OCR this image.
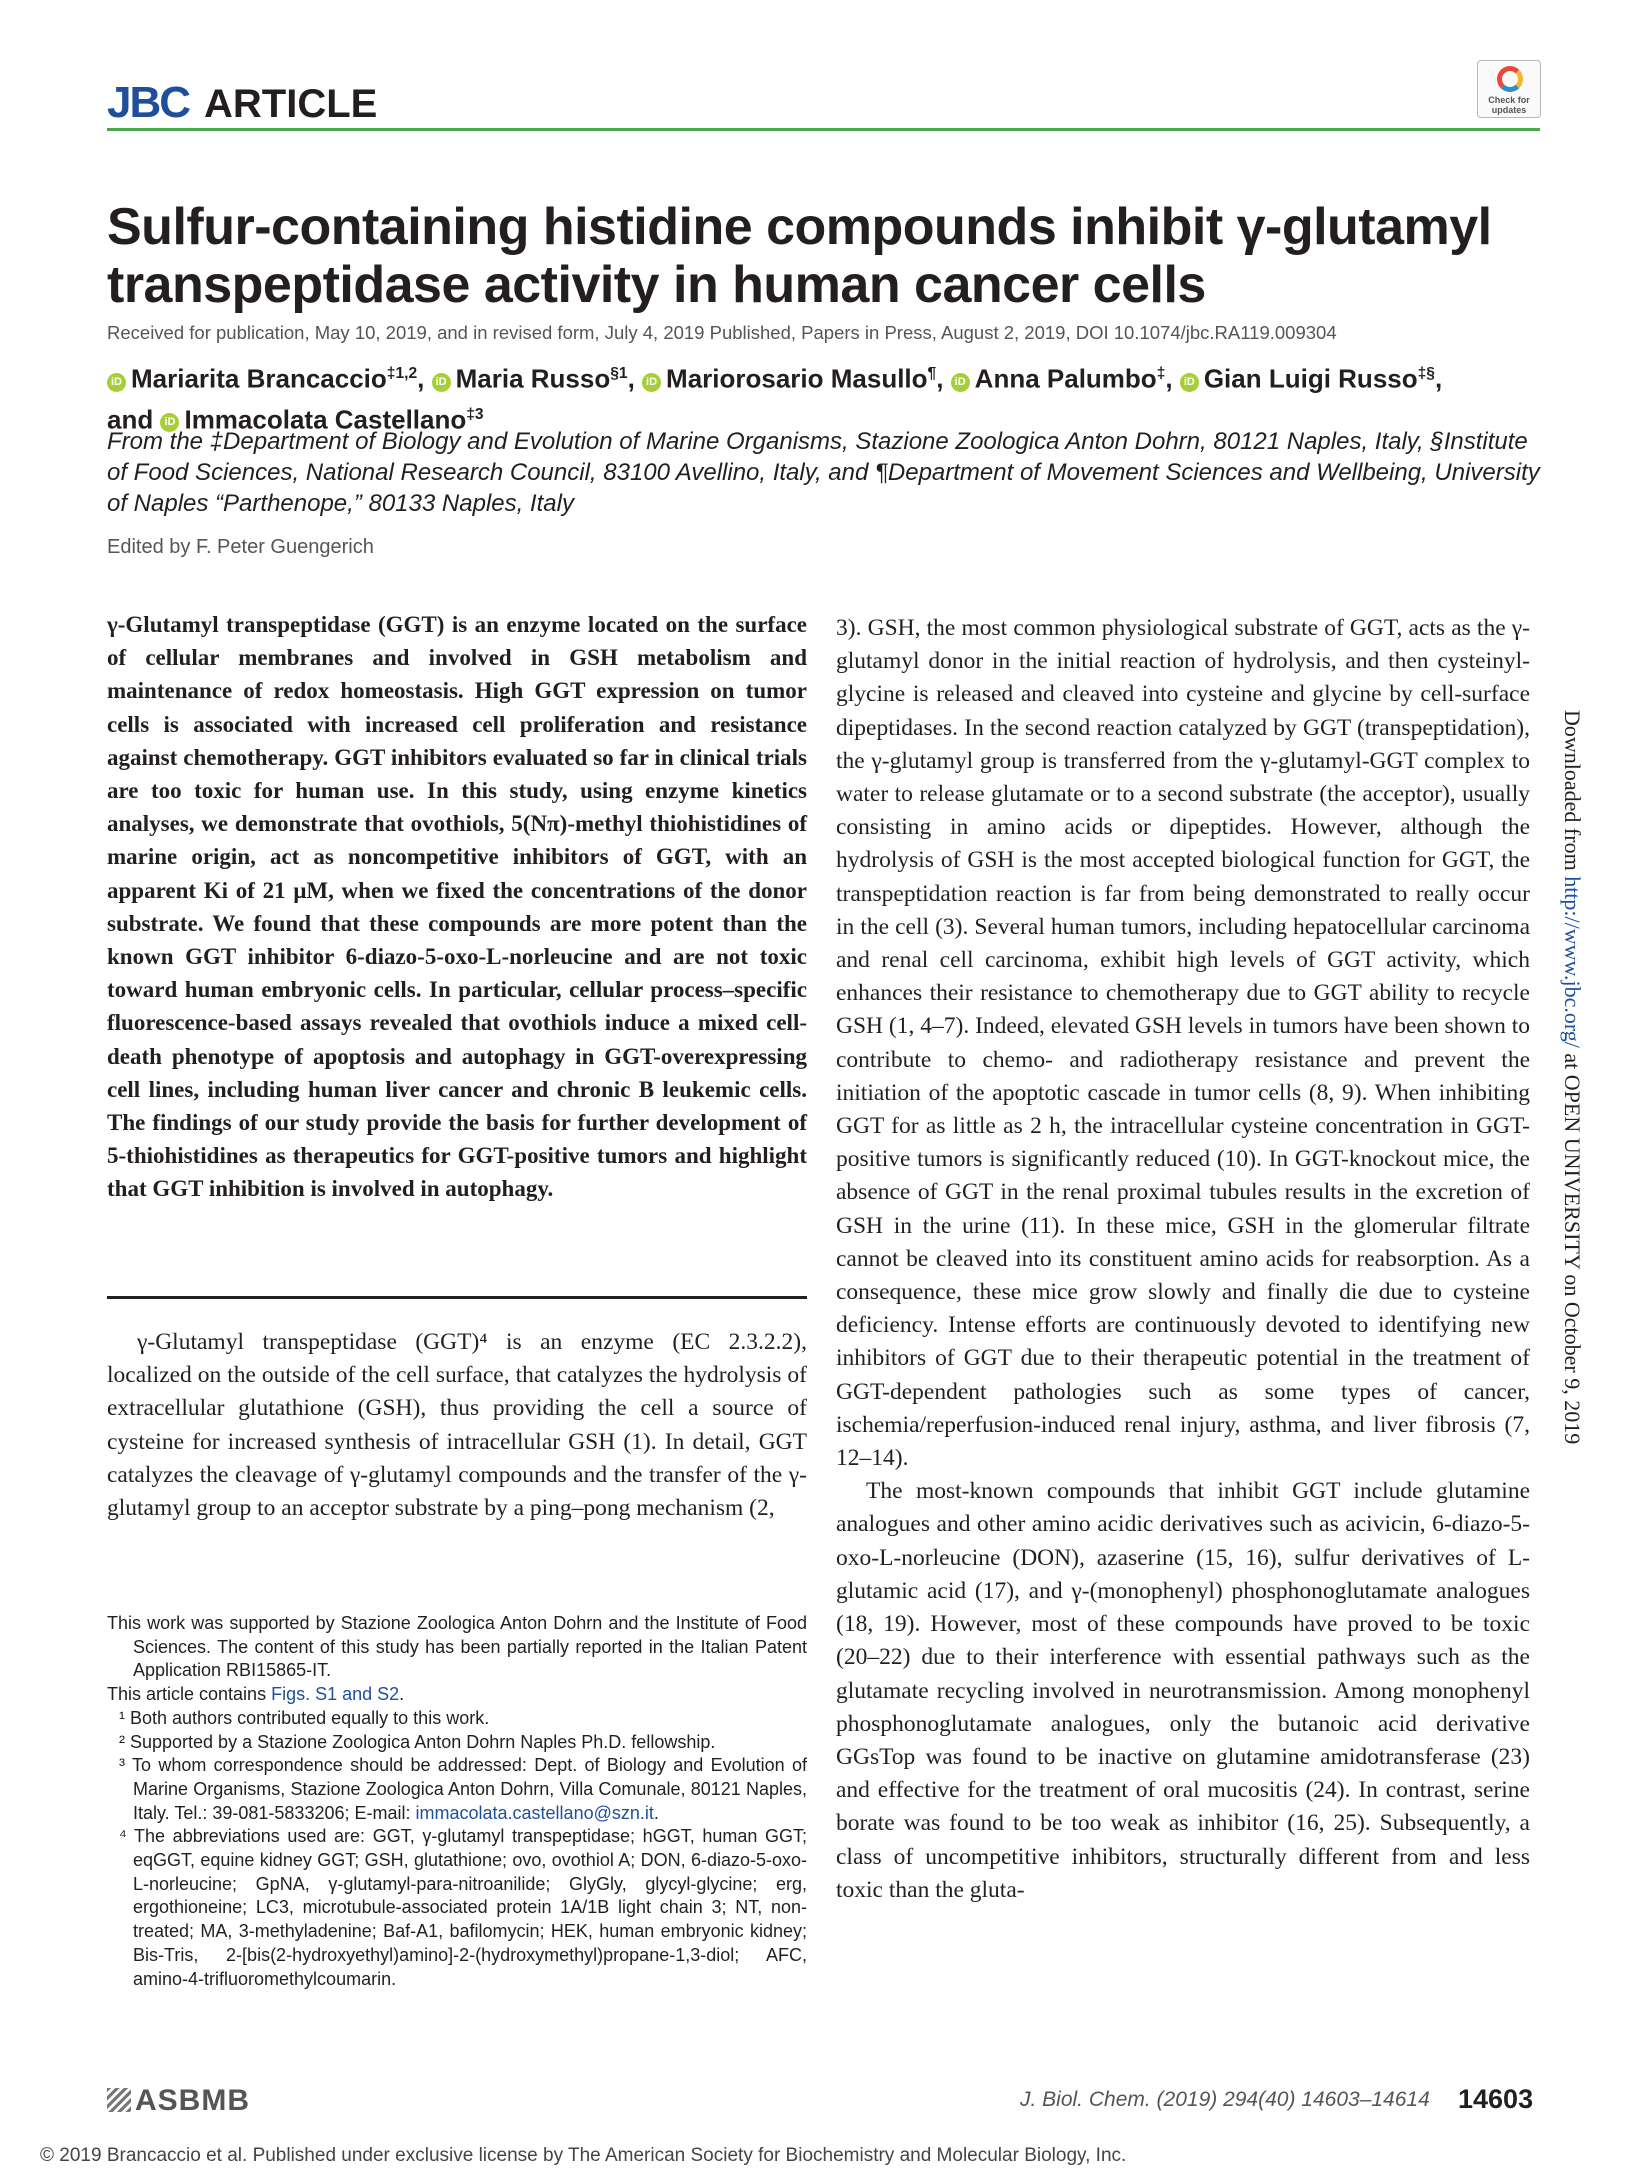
JBC ARTICLE	Check for updates
Sulfur-containing histidine compounds inhibit γ-glutamyl transpeptidase activity in human cancer cells
Received for publication, May 10, 2019, and in revised form, July 4, 2019 Published, Papers in Press, August 2, 2019, DOI 10.1074/jbc.RA119.009304
iD Mariarita Brancaccio$^{\ddagger 1,2}$, iD Maria Russo$^{\S 1}$, iD Mariorosario Masullo¶, iD Anna Palumbo‡, iD Gian Luigi Russo‡§,
and iD Immacolata Castellano$^{\ddagger 3}$
From the ‡Department of Biology and Evolution of Marine Organisms, Stazione Zoologica Anton Dohrn, 80121 Naples, Italy, §Institute of Food Sciences, National Research Council, 83100 Avellino, Italy, and ¶Department of Movement Sciences and Wellbeing, University of Naples “Parthenope,” 80133 Naples, Italy
Edited by F. Peter Guengerich
γ-Glutamyl transpeptidase (GGT) is an enzyme located on the surface of cellular membranes and involved in GSH metabolism and maintenance of redox homeostasis. High GGT expression on tumor cells is associated with increased cell proliferation and resistance against chemotherapy. GGT inhibitors evaluated so far in clinical trials are too toxic for human use. In this study, using enzyme kinetics analyses, we demonstrate that ovothiols, 5(Nπ)-methyl thiohistidines of marine origin, act as noncompetitive inhibitors of GGT, with an apparent Ki of 21 μM, when we fixed the concentrations of the donor substrate. We found that these compounds are more potent than the known GGT inhibitor 6-diazo-5-oxo-L-norleucine and are not toxic toward human embryonic cells. In particular, cellular process–specific fluorescence-based assays revealed that ovothiols induce a mixed cell-death phenotype of apoptosis and autophagy in GGT-overexpressing cell lines, including human liver cancer and chronic B leukemic cells. The findings of our study provide the basis for further development of 5-thiohistidines as therapeutics for GGT-positive tumors and highlight that GGT inhibition is involved in autophagy.

γ-Glutamyl transpeptidase (GGT)⁴ is an enzyme (EC 2.3.2.2), localized on the outside of the cell surface, that catalyzes the hydrolysis of extracellular glutathione (GSH), thus providing the cell a source of cysteine for increased synthesis of intracellular GSH (1). In detail, GGT catalyzes the cleavage of γ-glutamyl compounds and the transfer of the γ-glutamyl group to an acceptor substrate by a ping–pong mechanism (2,

This work was supported by Stazione Zoologica Anton Dohrn and the Institute of Food Sciences. The content of this study has been partially reported in the Italian Patent Application RBI15865-IT.

This article contains Figs. S1 and S2.

¹ Both authors contributed equally to this work.

² Supported by a Stazione Zoologica Anton Dohrn Naples Ph.D. fellowship.

³ To whom correspondence should be addressed: Dept. of Biology and Evolution of Marine Organisms, Stazione Zoologica Anton Dohrn, Villa Comunale, 80121 Naples, Italy. Tel.: 39-081-5833206; E-mail: immacolata.castellano@szn.it.

⁴ The abbreviations used are: GGT, γ-glutamyl transpeptidase; hGGT, human GGT; eqGGT, equine kidney GGT; GSH, glutathione; ovo, ovothiol A; DON, 6-diazo-5-oxo-L-norleucine; GpNA, γ-glutamyl-para-nitroanilide; GlyGly, glycyl-glycine; erg, ergothioneine; LC3, microtubule-associated protein 1A/1B light chain 3; NT, non-treated; MA, 3-methyladenine; Baf-A1, bafilomycin; HEK, human embryonic kidney; Bis-Tris, 2-[bis(2-hydroxyethyl)amino]-2-(hydroxymethyl)propane-1,3-diol; AFC, amino-4-trifluoromethylcoumarin.

3). GSH, the most common physiological substrate of GGT, acts as the γ-glutamyl donor in the initial reaction of hydrolysis, and then cysteinyl-glycine is released and cleaved into cysteine and glycine by cell-surface dipeptidases. In the second reaction catalyzed by GGT (transpeptidation), the γ-glutamyl group is transferred from the γ-glutamyl-GGT complex to water to release glutamate or to a second substrate (the acceptor), usually consisting in amino acids or dipeptides. However, although the hydrolysis of GSH is the most accepted biological function for GGT, the transpeptidation reaction is far from being demonstrated to really occur in the cell (3). Several human tumors, including hepatocellular carcinoma and renal cell carcinoma, exhibit high levels of GGT activity, which enhances their resistance to chemotherapy due to GGT ability to recycle GSH (1, 4–7). Indeed, elevated GSH levels in tumors have been shown to contribute to chemo- and radiotherapy resistance and prevent the initiation of the apoptotic cascade in tumor cells (8, 9). When inhibiting GGT for as little as 2 h, the intracellular cysteine concentration in GGT-positive tumors is significantly reduced (10). In GGT-knockout mice, the absence of GGT in the renal proximal tubules results in the excretion of GSH in the urine (11). In these mice, GSH in the glomerular filtrate cannot be cleaved into its constituent amino acids for reabsorption. As a consequence, these mice grow slowly and finally die due to cysteine deficiency. Intense efforts are continuously devoted to identifying new inhibitors of GGT due to their therapeutic potential in the treatment of GGT-dependent pathologies such as some types of cancer, ischemia/reperfusion-induced renal injury, asthma, and liver fibrosis (7, 12–14).

The most-known compounds that inhibit GGT include glutamine analogues and other amino acidic derivatives such as acivicin, 6-diazo-5-oxo-L-norleucine (DON), azaserine (15, 16), sulfur derivatives of L-glutamic acid (17), and γ-(monophenyl) phosphonoglutamate analogues (18, 19). However, most of these compounds have proved to be toxic (20–22) due to their interference with essential pathways such as the glutamate recycling involved in neurotransmission. Among monophenyl phosphonoglutamate analogues, only the butanoic acid derivative GGsTop was found to be inactive on glutamine amidotransferase (23) and effective for the treatment of oral mucositis (24). In contrast, serine borate was found to be too weak as inhibitor (16, 25). Subsequently, a class of uncompetitive inhibitors, structurally different from and less toxic than the gluta-

Downloaded from http://www.jbc.org/ at OPEN UNIVERSITY on October 9, 2019
ASBMB	J. Biol. Chem. (2019) 294(40) 14603–14614 14603
© 2019 Brancaccio et al. Published under exclusive license by The American Society for Biochemistry and Molecular Biology, Inc.
